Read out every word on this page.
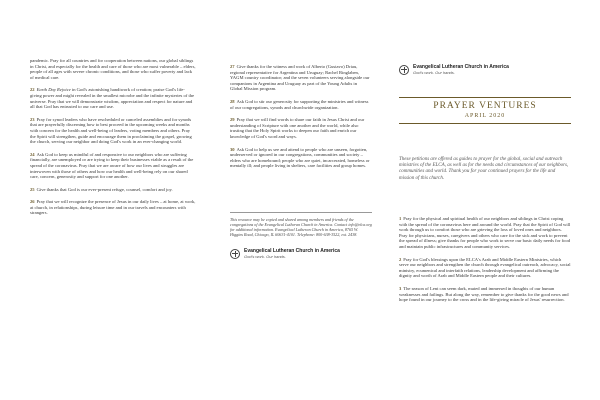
pandemic. Pray for all countries and for cooperation between nations, our global siblings in Christ, and especially for the health and care of those who are most vulnerable – elders, people of all ages with severe chronic conditions, and those who suffer poverty and lack of medical care.

22 Earth Day Rejoice in God's astonishing handiwork of creation; praise God's life-giving power and might revealed in the smallest microbe and the infinite mysteries of the universe. Pray that we will demonstrate wisdom, appreciation and respect for nature and all that God has entrusted to our care and use.

23 Pray for synod leaders who have rescheduled or canceled assemblies and for synods that are prayerfully discerning how to best proceed in the upcoming weeks and months with concern for the health and well-being of leaders, voting members and others. Pray the Spirit will strengthen, guide and encourage them in proclaiming the gospel, growing the church, serving our neighbor and doing God's work in an ever-changing world.

24 Ask God to keep us mindful of and responsive to our neighbors who are suffering financially, are unemployed or are trying to keep their businesses viable as a result of the spread of the coronavirus. Pray that we are aware of how our lives and struggles are interwoven with those of others and how our health and well-being rely on our shared care, concern, generosity and support for one another.

25 Give thanks that God is our ever-present refuge, counsel, comfort and joy.

26 Pray that we will recognize the presence of Jesus in our daily lives – at home, at work, at church, in relationships, during leisure time and in our travels and encounters with strangers.

27 Give thanks for the witness and work of Alberto (Gustavo) Driau, regional representative for Argentina and Uruguay; Rachel Ringlaben, YAGM country coordinator; and the seven volunteers serving alongside our companions in Argentina and Uruguay as part of the Young Adults in Global Mission program.

28 Ask God to stir our generosity for supporting the ministries and witness of our congregations, synods and churchwide organization.

29 Pray that we will find words to share our faith in Jesus Christ and our understanding of Scripture with one another and the world, while also trusting that the Holy Spirit works to deepen our faith and enrich our knowledge of God's word and ways.

30 Ask God to help us see and attend to people who are unseen, forgotten, underserved or ignored in our congregations, communities and society – elders who are homebound; people who are quiet, incarcerated, homeless or mentally ill; and people living in shelters, care facilities and group homes.

This resource may be copied and shared among members and friends of the congregations of the Evangelical Lutheran Church in America. Contact info@elca.org for additional information. Evangelical Lutheran Church in America, 8765 W. Higgins Road, Chicago, IL 60631-4101. Telephone: 800-638-3522, ext. 2438.
Evangelical Lutheran Church in America
God's work. Our hands.
Evangelical Lutheran Church in America
God's work. Our hands.
PRAYER VENTURES
APRIL 2020
These petitions are offered as guides to prayer for the global, social and outreach ministries of the ELCA, as well as for the needs and circumstances of our neighbors, communities and world. Thank you for your continued prayers for the life and mission of this church.

1 Pray for the physical and spiritual health of our neighbors and siblings in Christ coping with the spread of the coronavirus here and around the world. Pray that the Spirit of God will work through us to comfort those who are grieving the loss of loved ones and neighbors. Pray for physicians, nurses, caregivers and others who care for the sick and work to prevent the spread of illness; give thanks for people who work to serve our basic daily needs for food and maintain public infrastructures and community services.

2 Pray for God's blessings upon the ELCA's Arab and Middle Eastern Ministries, which serve our neighbors and strengthen the church through evangelical outreach, advocacy, social ministry, ecumenical and interfaith relations, leadership development and affirming the dignity and worth of Arab and Middle Eastern people and their cultures.

3 The season of Lent can seem dark, muted and immersed in thoughts of our human weaknesses and failings. But along the way, remember to give thanks for the good news and hope found in our journey to the cross and in the life-giving miracle of Jesus' resurrection.
